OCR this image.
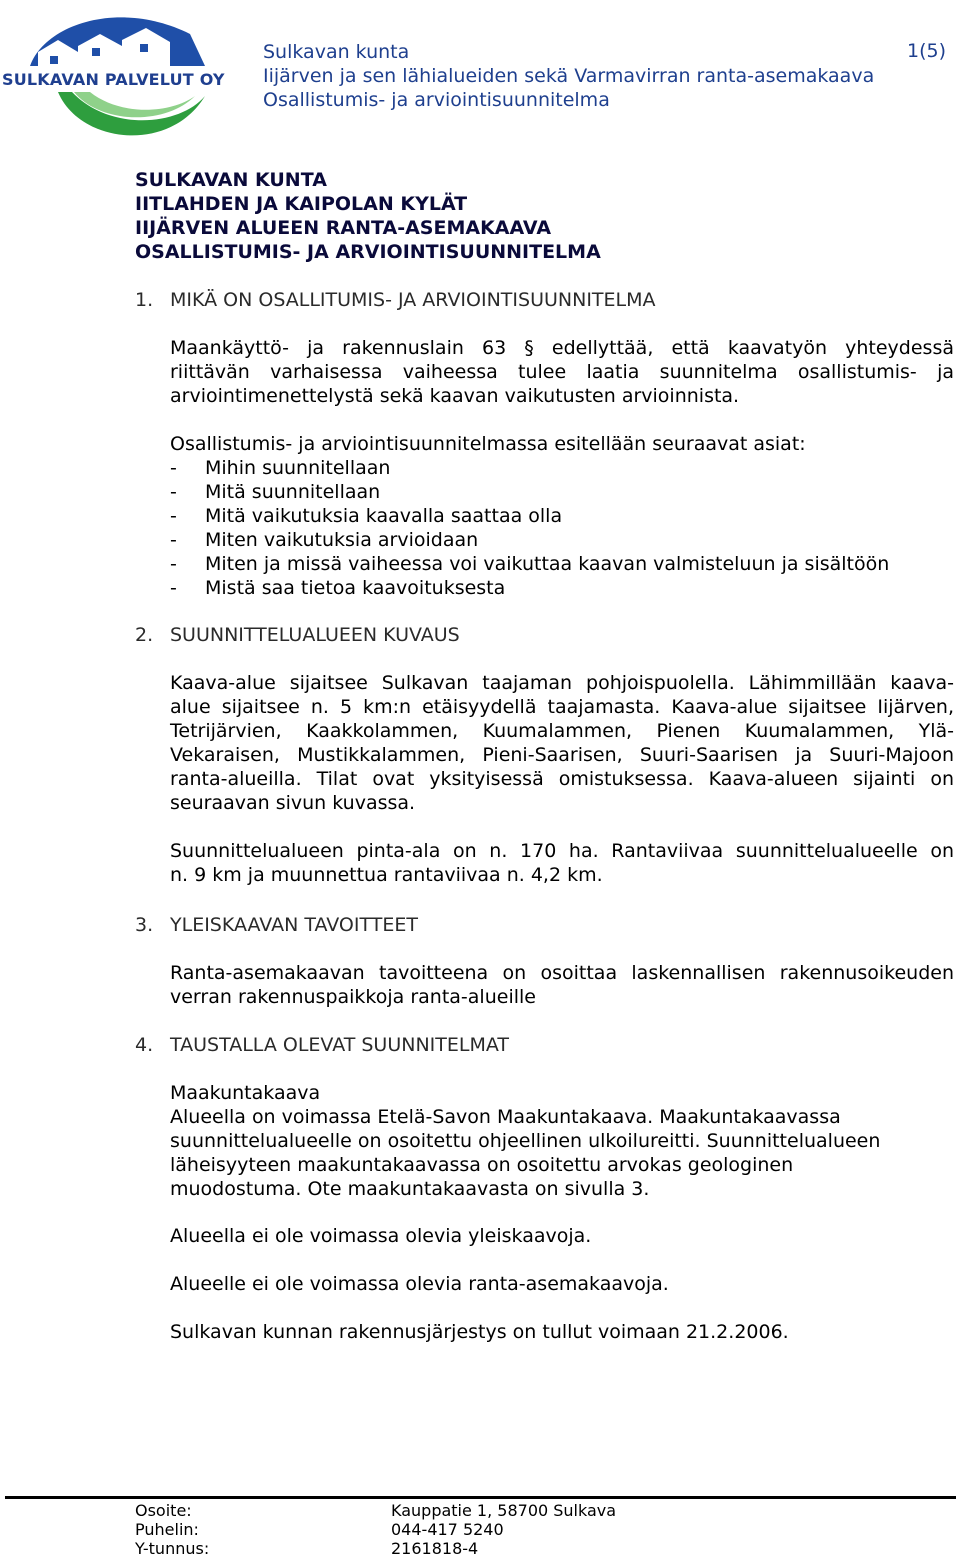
SULKAVAN PALVELUT OY
Sulkavan kunta
Iijärven ja sen lähialueiden sekä Varmavirran ranta-asemakaava
Osallistumis- ja arviointisuunnitelma
1(5)
SULKAVAN KUNTA
IITLAHDEN JA KAIPOLAN KYLÄT
IIJÄRVEN ALUEEN RANTA-ASEMAKAAVA
OSALLISTUMIS- JA ARVIOINTISUUNNITELMA
1. MIKÄ ON OSALLITUMIS- JA ARVIOINTISUUNNITELMA
Maankäyttö- ja rakennuslain 63 § edellyttää, että kaavatyön yhteydessä
riittävän varhaisessa vaiheessa tulee laatia suunnitelma osallistumis- ja
arviointimenettelystä sekä kaavan vaikutusten arvioinnista.
Osallistumis- ja arviointisuunnitelmassa esitellään seuraavat asiat:
- Mihin suunnitellaan
- Mitä suunnitellaan
- Mitä vaikutuksia kaavalla saattaa olla
- Miten vaikutuksia arvioidaan
- Miten ja missä vaiheessa voi vaikuttaa kaavan valmisteluun ja sisältöön
- Mistä saa tietoa kaavoituksesta
2. SUUNNITTELUALUEEN KUVAUS
Kaava-alue sijaitsee Sulkavan taajaman pohjoispuolella. Lähimmillään kaava-
alue sijaitsee n. 5 km:n etäisyydellä taajamasta. Kaava-alue sijaitsee Iijärven,
Tetrijärvien, Kaakkolammen, Kuumalammen, Pienen Kuumalammen, Ylä-
Vekaraisen, Mustikkalammen, Pieni-Saarisen, Suuri-Saarisen ja Suuri-Majoon
ranta-alueilla. Tilat ovat yksityisessä omistuksessa. Kaava-alueen sijainti on
seuraavan sivun kuvassa.
Suunnittelualueen pinta-ala on n. 170 ha. Rantaviivaa suunnittelualueelle on
n. 9 km ja muunnettua rantaviivaa n. 4,2 km.
3. YLEISKAAVAN TAVOITTEET
Ranta-asemakaavan tavoitteena on osoittaa laskennallisen rakennusoikeuden
verran rakennuspaikkoja ranta-alueille
4. TAUSTALLA OLEVAT SUUNNITELMAT
Maakuntakaava
Alueella on voimassa Etelä-Savon Maakuntakaava. Maakuntakaavassa
suunnittelualueelle on osoitettu ohjeellinen ulkoilureitti. Suunnittelualueen
läheisyyteen maakuntakaavassa on osoitettu arvokas geologinen
muodostuma. Ote maakuntakaavasta on sivulla 3.
Alueella ei ole voimassa olevia yleiskaavoja.
Alueelle ei ole voimassa olevia ranta-asemakaavoja.
Sulkavan kunnan rakennusjärjestys on tullut voimaan 21.2.2006.
Osoite:	Kauppatie 1, 58700 Sulkava
Puhelin:	044-417 5240
Y-tunnus:	2161818-4
